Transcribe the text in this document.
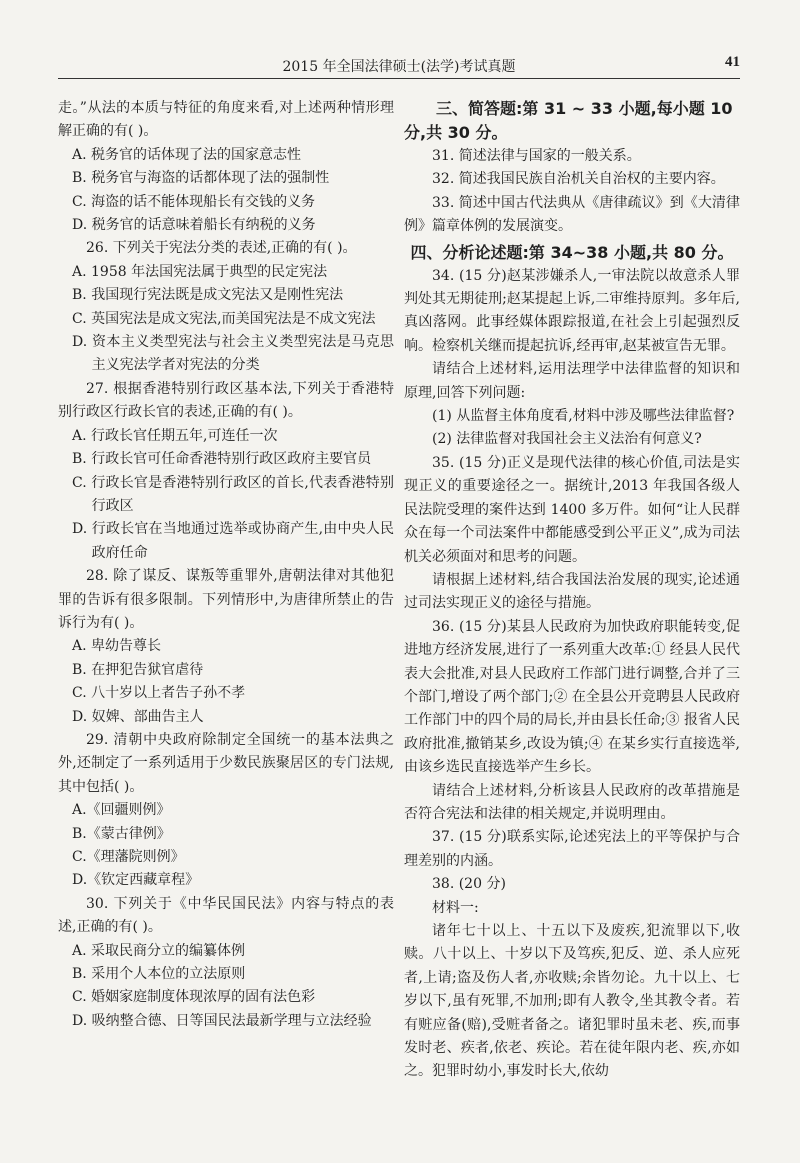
2015 年全国法律硕士(法学)考试真题	41

走。”从法的本质与特征的角度来看,对上述两种情形理解正确的有( )。

A. 税务官的话体现了法的国家意志性

B. 税务官与海盗的话都体现了法的强制性

C. 海盗的话不能体现船长有交钱的义务

D. 税务官的话意味着船长有纳税的义务

26. 下列关于宪法分类的表述,正确的有( )。

A. 1958 年法国宪法属于典型的民定宪法

B. 我国现行宪法既是成文宪法又是刚性宪法

C. 英国宪法是成文宪法,而美国宪法是不成文宪法

D. 资本主义类型宪法与社会主义类型宪法是马克思主义宪法学者对宪法的分类

27. 根据香港特别行政区基本法,下列关于香港特别行政区行政长官的表述,正确的有( )。

A. 行政长官任期五年,可连任一次

B. 行政长官可任命香港特别行政区政府主要官员

C. 行政长官是香港特别行政区的首长,代表香港特别行政区

D. 行政长官在当地通过选举或协商产生,由中央人民政府任命

28. 除了谋反、谋叛等重罪外,唐朝法律对其他犯罪的告诉有很多限制。下列情形中,为唐律所禁止的告诉行为有( )。

A. 卑幼告尊长

B. 在押犯告狱官虐待

C. 八十岁以上者告子孙不孝

D. 奴婢、部曲告主人

29. 清朝中央政府除制定全国统一的基本法典之外,还制定了一系列适用于少数民族聚居区的专门法规,其中包括( )。

A.《回疆则例》

B.《蒙古律例》

C.《理藩院则例》

D.《钦定西藏章程》

30. 下列关于《中华民国民法》内容与特点的表述,正确的有( )。

A. 采取民商分立的编纂体例

B. 采用个人本位的立法原则

C. 婚姻家庭制度体现浓厚的固有法色彩

D. 吸纳整合德、日等国民法最新学理与立法经验

三、简答题:第 31 ~ 33 小题,每小题 10 分,共 30 分。

31. 简述法律与国家的一般关系。

32. 简述我国民族自治机关自治权的主要内容。

33. 简述中国古代法典从《唐律疏议》到《大清律例》篇章体例的发展演变。

四、分析论述题:第 34~38 小题,共 80 分。

34. (15 分)赵某涉嫌杀人,一审法院以故意杀人罪判处其无期徒刑;赵某提起上诉,二审维持原判。多年后,真凶落网。此事经媒体跟踪报道,在社会上引起强烈反响。检察机关继而提起抗诉,经再审,赵某被宣告无罪。

请结合上述材料,运用法理学中法律监督的知识和原理,回答下列问题:

(1) 从监督主体角度看,材料中涉及哪些法律监督?

(2) 法律监督对我国社会主义法治有何意义?

35. (15 分)正义是现代法律的核心价值,司法是实现正义的重要途径之一。据统计,2013 年我国各级人民法院受理的案件达到 1400 多万件。如何“让人民群众在每一个司法案件中都能感受到公平正义”,成为司法机关必须面对和思考的问题。

请根据上述材料,结合我国法治发展的现实,论述通过司法实现正义的途径与措施。

36. (15 分)某县人民政府为加快政府职能转变,促进地方经济发展,进行了一系列重大改革:① 经县人民代表大会批准,对县人民政府工作部门进行调整,合并了三个部门,增设了两个部门;② 在全县公开竞聘县人民政府工作部门中的四个局的局长,并由县长任命;③ 报省人民政府批准,撤销某乡,改设为镇;④ 在某乡实行直接选举,由该乡选民直接选举产生乡长。

请结合上述材料,分析该县人民政府的改革措施是否符合宪法和法律的相关规定,并说明理由。

37. (15 分)联系实际,论述宪法上的平等保护与合理差别的内涵。

38. (20 分)

材料一:

诸年七十以上、十五以下及废疾,犯流罪以下,收赎。八十以上、十岁以下及笃疾,犯反、逆、杀人应死者,上请;盗及伤人者,亦收赎;余皆勿论。九十以上、七岁以下,虽有死罪,不加刑;即有人教令,坐其教令者。若有赃应备(赔),受赃者备之。诸犯罪时虽未老、疾,而事发时老、疾者,依老、疾论。若在徒年限内老、疾,亦如之。犯罪时幼小,事发时长大,依幼
